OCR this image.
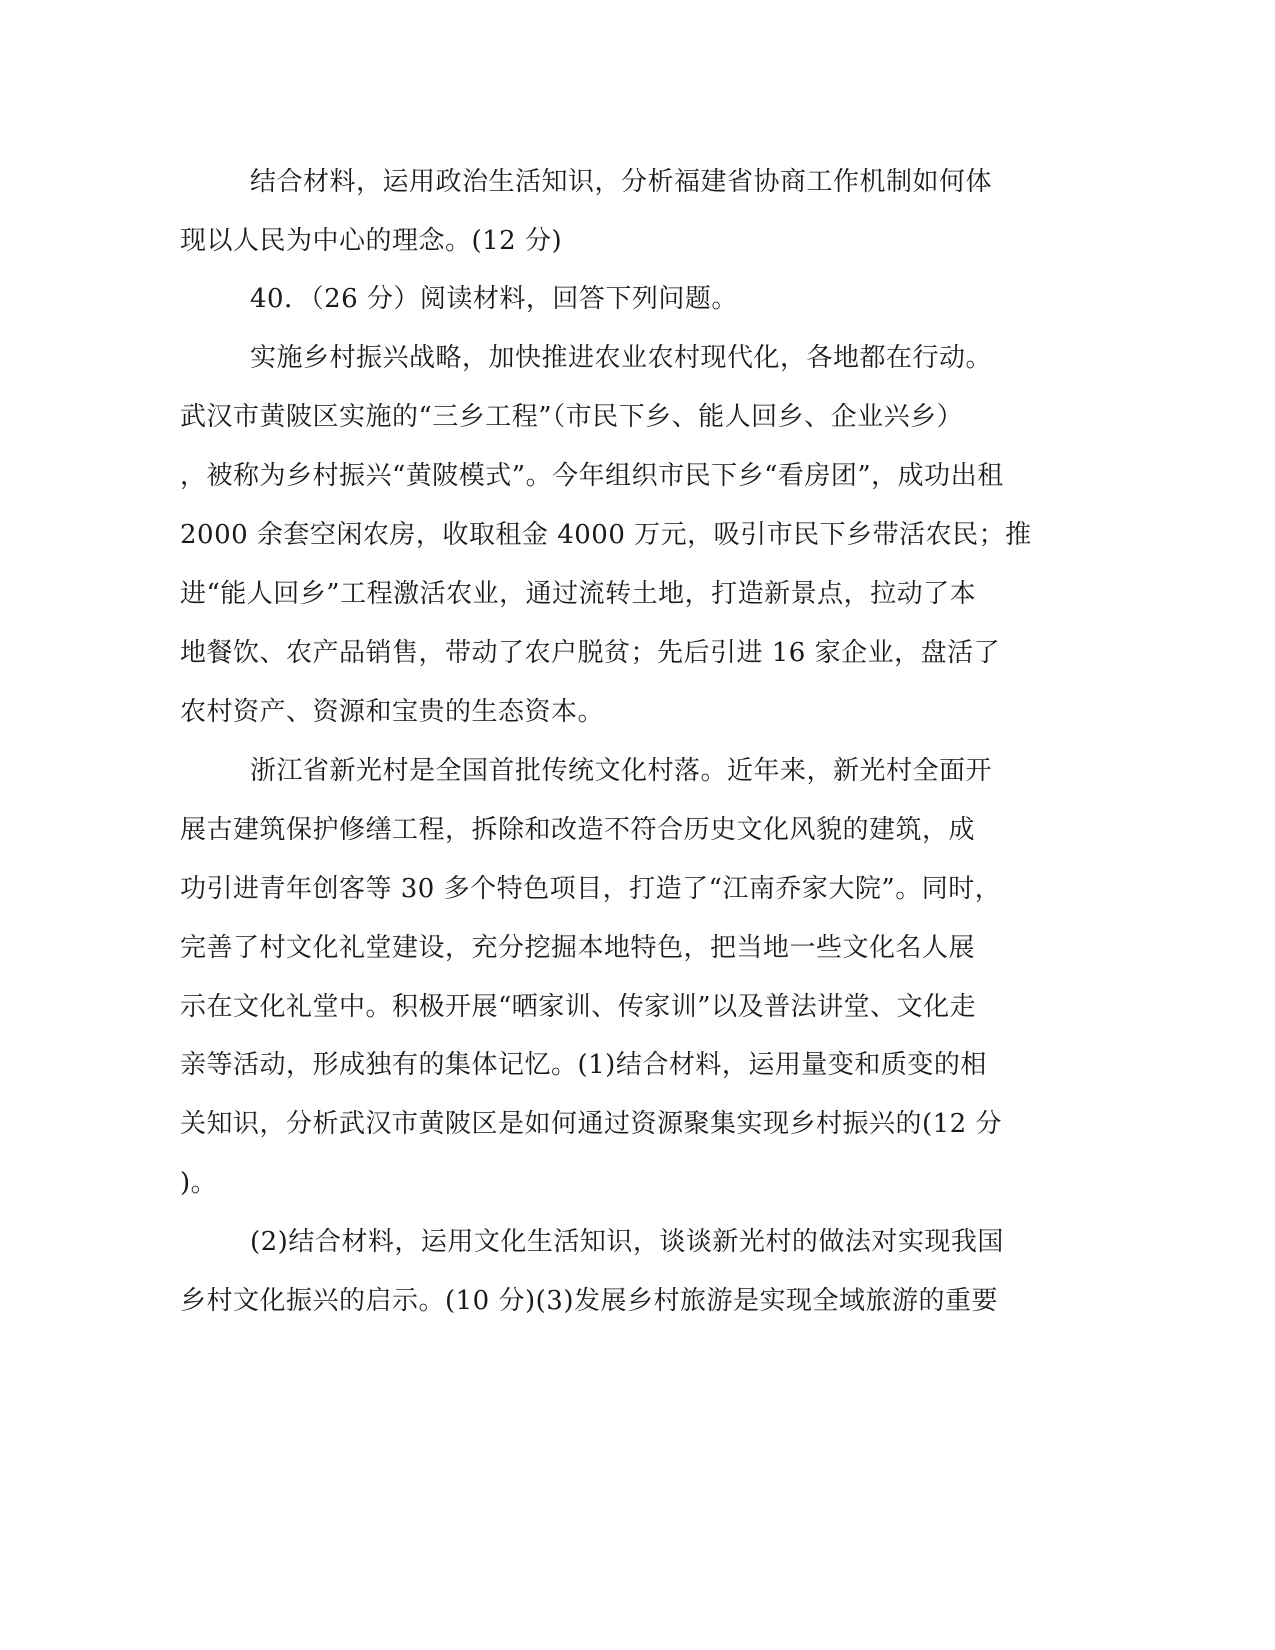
结合材料，运用政治生活知识，分析福建省协商工作机制如何体
现以人民为中心的理念。(12 分)
40．（26 分）阅读材料，回答下列问题。
实施乡村振兴战略，加快推进农业农村现代化，各地都在行动。
武汉市黄陂区实施的“三乡工程”（市民下乡、能人回乡、企业兴乡）
，被称为乡村振兴“黄陂模式”。今年组织市民下乡“看房团”，成功出租
2000 余套空闲农房，收取租金 4000 万元，吸引市民下乡带活农民；推
进“能人回乡”工程激活农业，通过流转土地，打造新景点，拉动了本
地餐饮、农产品销售，带动了农户脱贫；先后引进 16 家企业，盘活了
农村资产、资源和宝贵的生态资本。
浙江省新光村是全国首批传统文化村落。近年来，新光村全面开
展古建筑保护修缮工程，拆除和改造不符合历史文化风貌的建筑，成
功引进青年创客等 30 多个特色项目，打造了“江南乔家大院”。同时，
完善了村文化礼堂建设，充分挖掘本地特色，把当地一些文化名人展
示在文化礼堂中。积极开展“晒家训、传家训”以及普法讲堂、文化走
亲等活动，形成独有的集体记忆。(1)结合材料，运用量变和质变的相
关知识，分析武汉市黄陂区是如何通过资源聚集实现乡村振兴的(12 分
)。
(2)结合材料，运用文化生活知识，谈谈新光村的做法对实现我国
乡村文化振兴的启示。(10 分)(3)发展乡村旅游是实现全域旅游的重要
